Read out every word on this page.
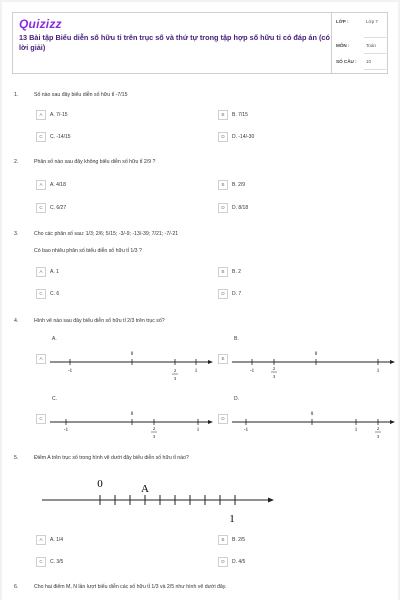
Quizizz
13 Bài tập Biểu diễn số hữu tỉ trên trục số và thứ tự trong tập hợp số hữu tỉ có đáp án (có lời giải)
LỚP :	Lớp 7
MÔN :	Toán
SỐ CÂU : 10
1.	Số nào sau đây biểu diễn số hữu tỉ -7/15
A	A. 7/-15	B	B. 7/15
C	C. -14/15	D	D. -14/-30
2.	Phân số nào sau đây không biểu diễn số hữu tỉ 2/9 ?
A	A. 4/18	B	B. 2/9
C	C. 6/27	D	D. 8/18
3.	Cho các phân số sau: 1/3; 2/6; 5/15; -3/-9; -13/-39; 7/21; -7/-21
Có bao nhiêu phân số biểu diễn số hữu tỉ 1/3 ?
A	A. 1	B	B. 2
C	C. 6	D	D. 7
4.	Hình vẽ nào sau đây biểu diễn số hữu tỉ 2/3 trên trục số?
A.
A
0
-1	1
2
3
B.
B
0
-1	1
2
3
C.
C
0
-1	1
2
3
D.
D
0
-1	1	2
3
5.	Điểm A trên trục số trong hình vẽ dưới đây biểu diễn số hữu tỉ nào?
0	A
1
A	A. 1/4	B	B. 2/5
C	C. 3/5	D	D. 4/5
6.	Cho hai điểm M, N lần lượt biểu diễn các số hữu tỉ 1/3 và 2/5 như hình vẽ dưới đây.
